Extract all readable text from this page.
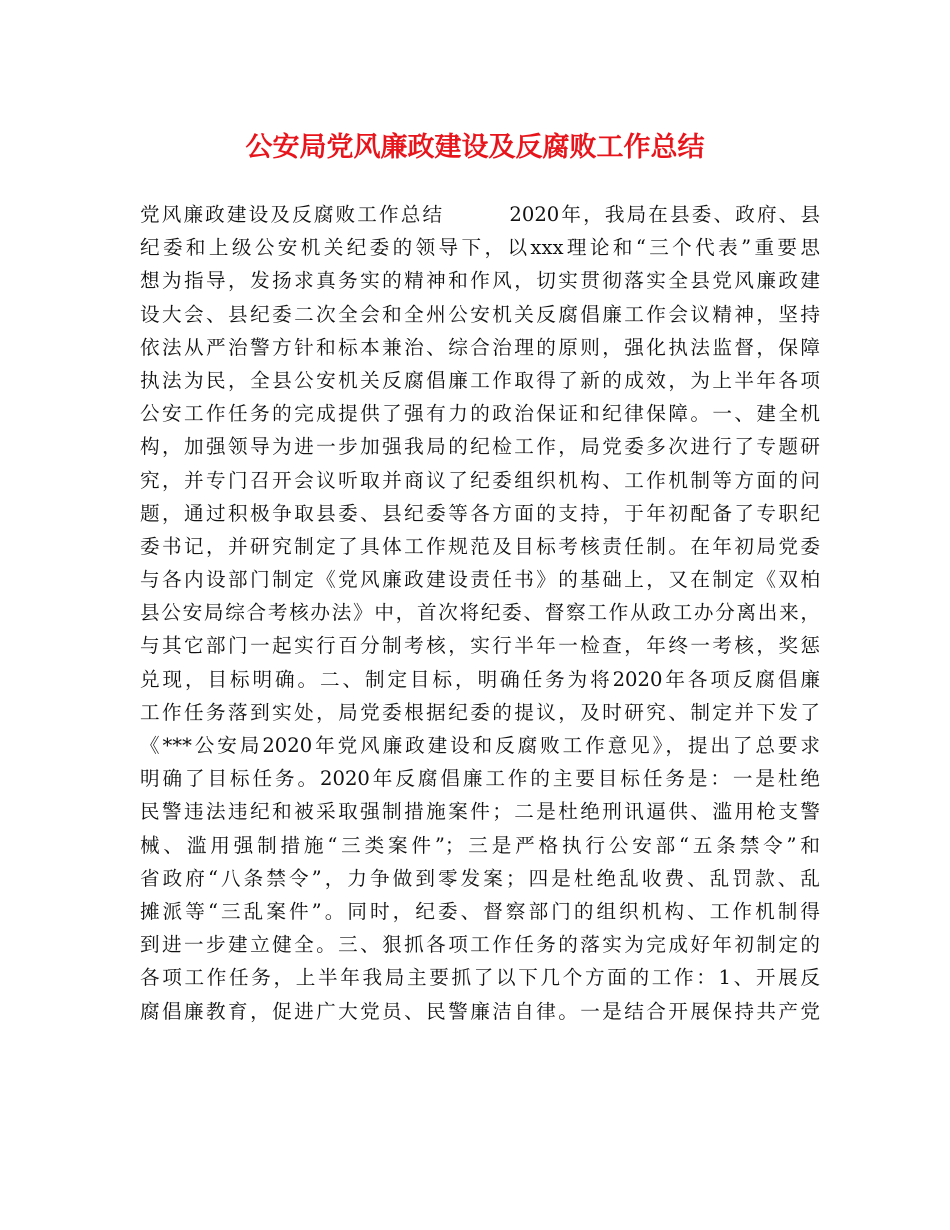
公安局党风廉政建设及反腐败工作总结
党风廉政建设及反腐败工作总结　　　2020年，我局在县委、政府、县
纪委和上级公安机关纪委的领导下，以xxx理论和“三个代表”重要思
想为指导，发扬求真务实的精神和作风，切实贯彻落实全县党风廉政建
设大会、县纪委二次全会和全州公安机关反腐倡廉工作会议精神，坚持
依法从严治警方针和标本兼治、综合治理的原则，强化执法监督，保障
执法为民，全县公安机关反腐倡廉工作取得了新的成效，为上半年各项
公安工作任务的完成提供了强有力的政治保证和纪律保障。一、建全机
构，加强领导为进一步加强我局的纪检工作，局党委多次进行了专题研
究，并专门召开会议听取并商议了纪委组织机构、工作机制等方面的问
题，通过积极争取县委、县纪委等各方面的支持，于年初配备了专职纪
委书记，并研究制定了具体工作规范及目标考核责任制。在年初局党委
与各内设部门制定《党风廉政建设责任书》的基础上，又在制定《双柏
县公安局综合考核办法》中，首次将纪委、督察工作从政工办分离出来，
与其它部门一起实行百分制考核，实行半年一检查，年终一考核，奖惩
兑现，目标明确。二、制定目标，明确任务为将2020年各项反腐倡廉
工作任务落到实处，局党委根据纪委的提议，及时研究、制定并下发了
《***公安局2020年党风廉政建设和反腐败工作意见》，提出了总要求
明确了目标任务。2020年反腐倡廉工作的主要目标任务是：一是杜绝
民警违法违纪和被采取强制措施案件；二是杜绝刑讯逼供、滥用枪支警
械、滥用强制措施“三类案件”；三是严格执行公安部“五条禁令”和
省政府“八条禁令”，力争做到零发案；四是杜绝乱收费、乱罚款、乱
摊派等“三乱案件”。同时，纪委、督察部门的组织机构、工作机制得
到进一步建立健全。三、狠抓各项工作任务的落实为完成好年初制定的
各项工作任务，上半年我局主要抓了以下几个方面的工作：1、开展反
腐倡廉教育，促进广大党员、民警廉洁自律。一是结合开展保持共产党
